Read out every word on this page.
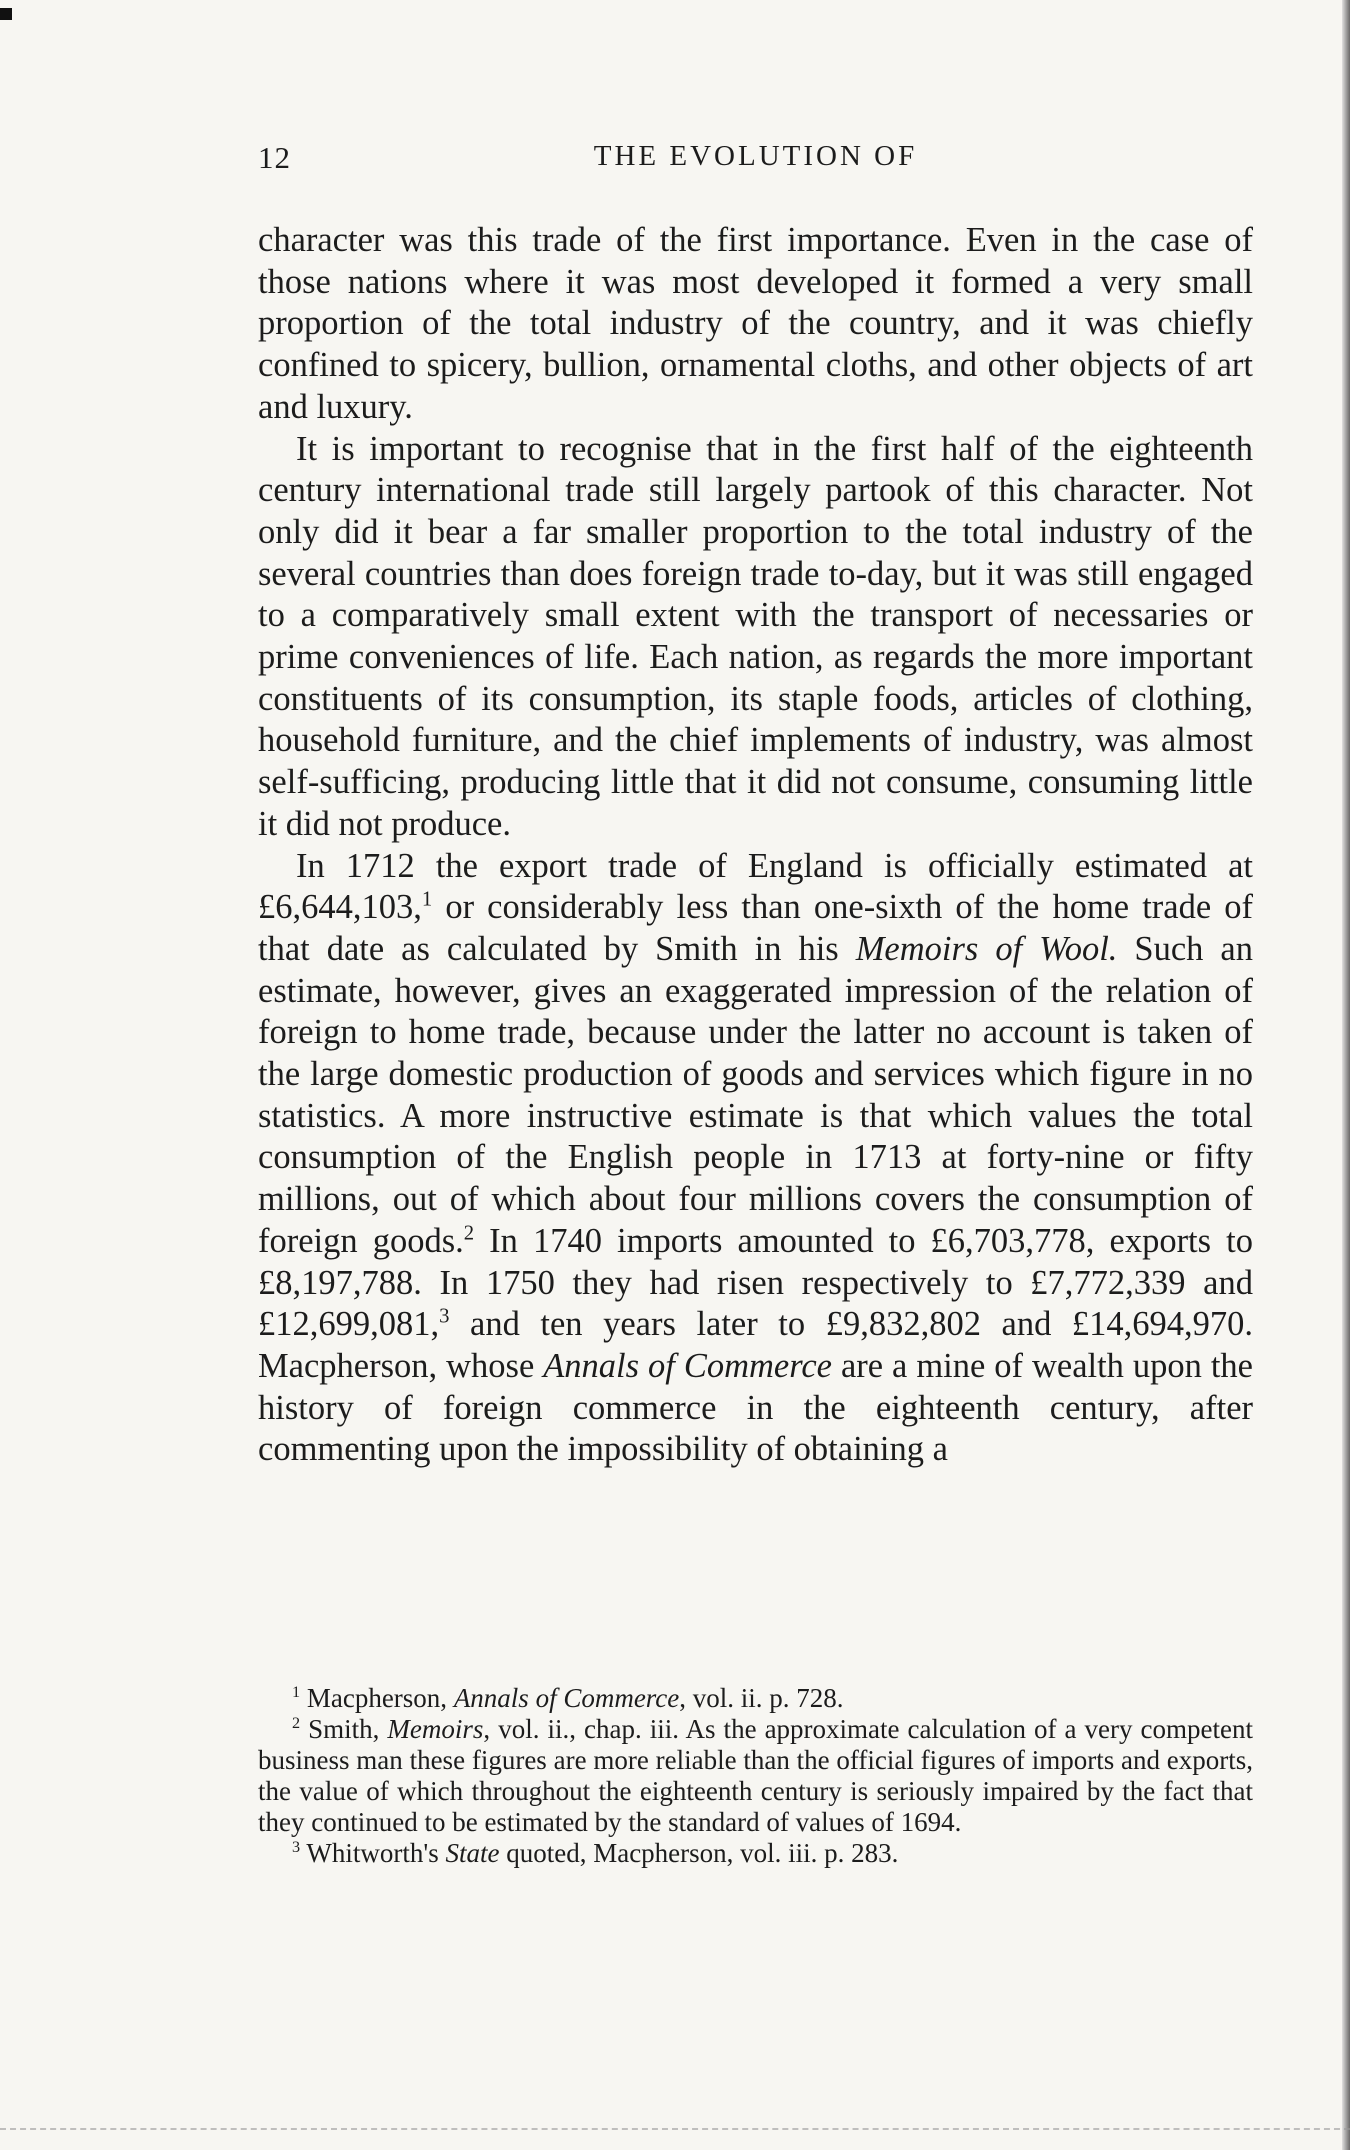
12	THE EVOLUTION OF

character was this trade of the first importance. Even in the case of those nations where it was most developed it formed a very small proportion of the total industry of the country, and it was chiefly confined to spicery, bullion, ornamental cloths, and other objects of art and luxury.

It is important to recognise that in the first half of the eighteenth century international trade still largely partook of this character. Not only did it bear a far smaller proportion to the total industry of the several countries than does foreign trade to-day, but it was still engaged to a comparatively small extent with the transport of necessaries or prime conveniences of life. Each nation, as regards the more important constituents of its consumption, its staple foods, articles of clothing, household furniture, and the chief implements of industry, was almost self-sufficing, producing little that it did not consume, consuming little it did not produce.

In 1712 the export trade of England is officially estimated at £6,644,103,$^1$ or considerably less than one-sixth of the home trade of that date as calculated by Smith in his Memoirs of Wool. Such an estimate, however, gives an exaggerated impression of the relation of foreign to home trade, because under the latter no account is taken of the large domestic production of goods and services which figure in no statistics. A more instructive estimate is that which values the total consumption of the English people in 1713 at forty-nine or fifty millions, out of which about four millions covers the consumption of foreign goods.$^2$ In 1740 imports amounted to £6,703,778, exports to £8,197,788. In 1750 they had risen respectively to £7,772,339 and £12,699,081,$^3$ and ten years later to £9,832,802 and £14,694,970. Macpherson, whose Annals of Commerce are a mine of wealth upon the history of foreign commerce in the eighteenth century, after commenting upon the impossibility of obtaining a

$^1$ Macpherson, Annals of Commerce, vol. ii. p. 728.

$^2$ Smith, Memoirs, vol. ii., chap. iii. As the approximate calculation of a very competent business man these figures are more reliable than the official figures of imports and exports, the value of which throughout the eighteenth century is seriously impaired by the fact that they continued to be estimated by the standard of values of 1694.

$^3$ Whitworth's State quoted, Macpherson, vol. iii. p. 283.
